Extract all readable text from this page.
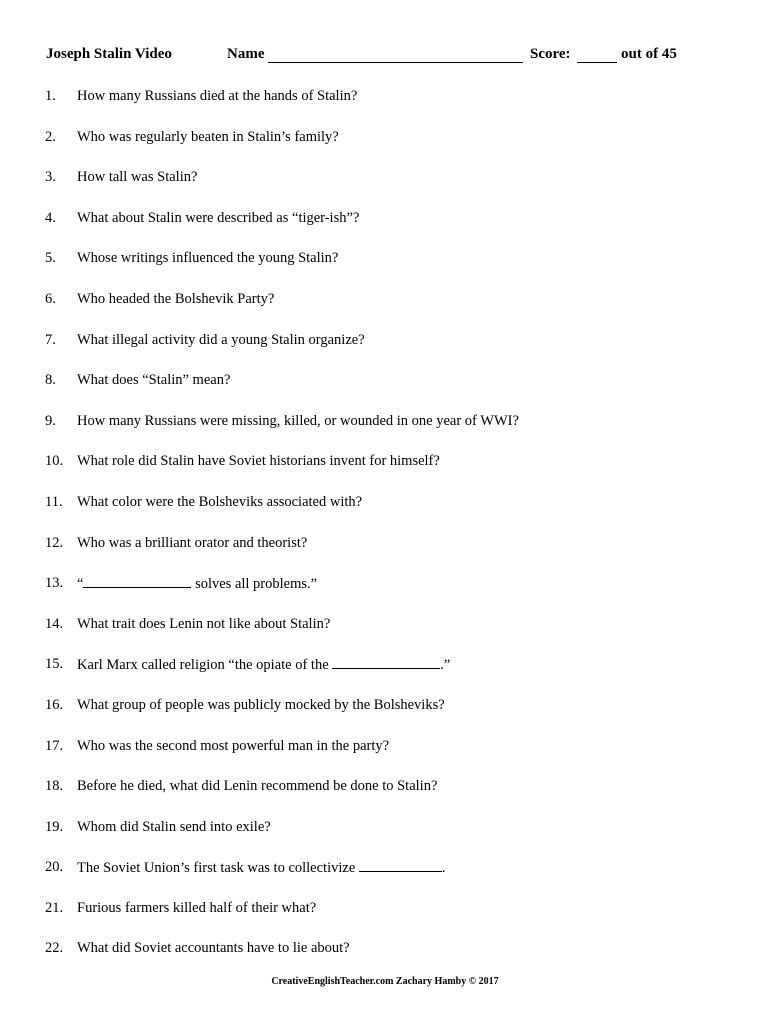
Joseph Stalin Video	Name	Score:	out of 45
1. How many Russians died at the hands of Stalin?
2. Who was regularly beaten in Stalin’s family?
3. How tall was Stalin?
4. What about Stalin were described as “tiger-ish”?
5. Whose writings influenced the young Stalin?
6. Who headed the Bolshevik Party?
7. What illegal activity did a young Stalin organize?
8. What does “Stalin” mean?
9. How many Russians were missing, killed, or wounded in one year of WWI?
10. What role did Stalin have Soviet historians invent for himself?
11. What color were the Bolsheviks associated with?
12. Who was a brilliant orator and theorist?
13. “	solves all problems.”
14. What trait does Lenin not like about Stalin?
15. Karl Marx called religion “the opiate of the	.”
16. What group of people was publicly mocked by the Bolsheviks?
17. Who was the second most powerful man in the party?
18. Before he died, what did Lenin recommend be done to Stalin?
19. Whom did Stalin send into exile?
20. The Soviet Union’s first task was to collectivize	.
21. Furious farmers killed half of their what?
22. What did Soviet accountants have to lie about?
CreativeEnglishTeacher.com Zachary Hamby © 2017
